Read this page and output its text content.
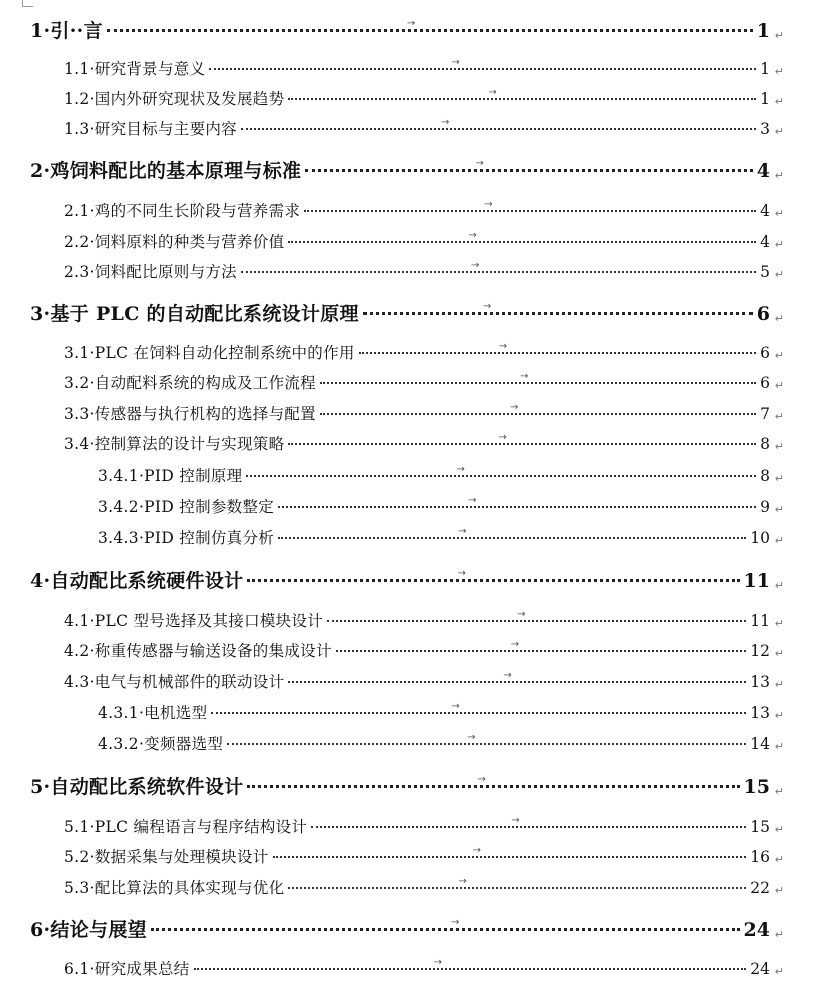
1·引··言	→	1 ↵
1.1·研究背景与意义	→	1 ↵
1.2·国内外研究现状及发展趋势	→	1 ↵
1.3·研究目标与主要内容	→	3 ↵
2·鸡饲料配比的基本原理与标准	→	4 ↵
2.1·鸡的不同生长阶段与营养需求	→	4 ↵
2.2·饲料原料的种类与营养价值	→	4 ↵
2.3·饲料配比原则与方法	→	5 ↵
3·基于 PLC 的自动配比系统设计原理	→	6 ↵
3.1·PLC 在饲料自动化控制系统中的作用	→	6 ↵
3.2·自动配料系统的构成及工作流程	→	6 ↵
3.3·传感器与执行机构的选择与配置	→	7 ↵
3.4·控制算法的设计与实现策略	→	8 ↵
3.4.1·PID 控制原理	→	8 ↵
3.4.2·PID 控制参数整定	→	9 ↵
3.4.3·PID 控制仿真分析	→	10 ↵
4·自动配比系统硬件设计	→	11 ↵
4.1·PLC 型号选择及其接口模块设计	→	11 ↵
4.2·称重传感器与输送设备的集成设计	→	12 ↵
4.3·电气与机械部件的联动设计	→	13 ↵
4.3.1·电机选型	→	13 ↵
4.3.2·变频器选型	→	14 ↵
5·自动配比系统软件设计	→	15 ↵
5.1·PLC 编程语言与程序结构设计	→	15 ↵
5.2·数据采集与处理模块设计	→	16 ↵
5.3·配比算法的具体实现与优化	→	22 ↵
6·结论与展望	→	24 ↵
6.1·研究成果总结	→	24 ↵
